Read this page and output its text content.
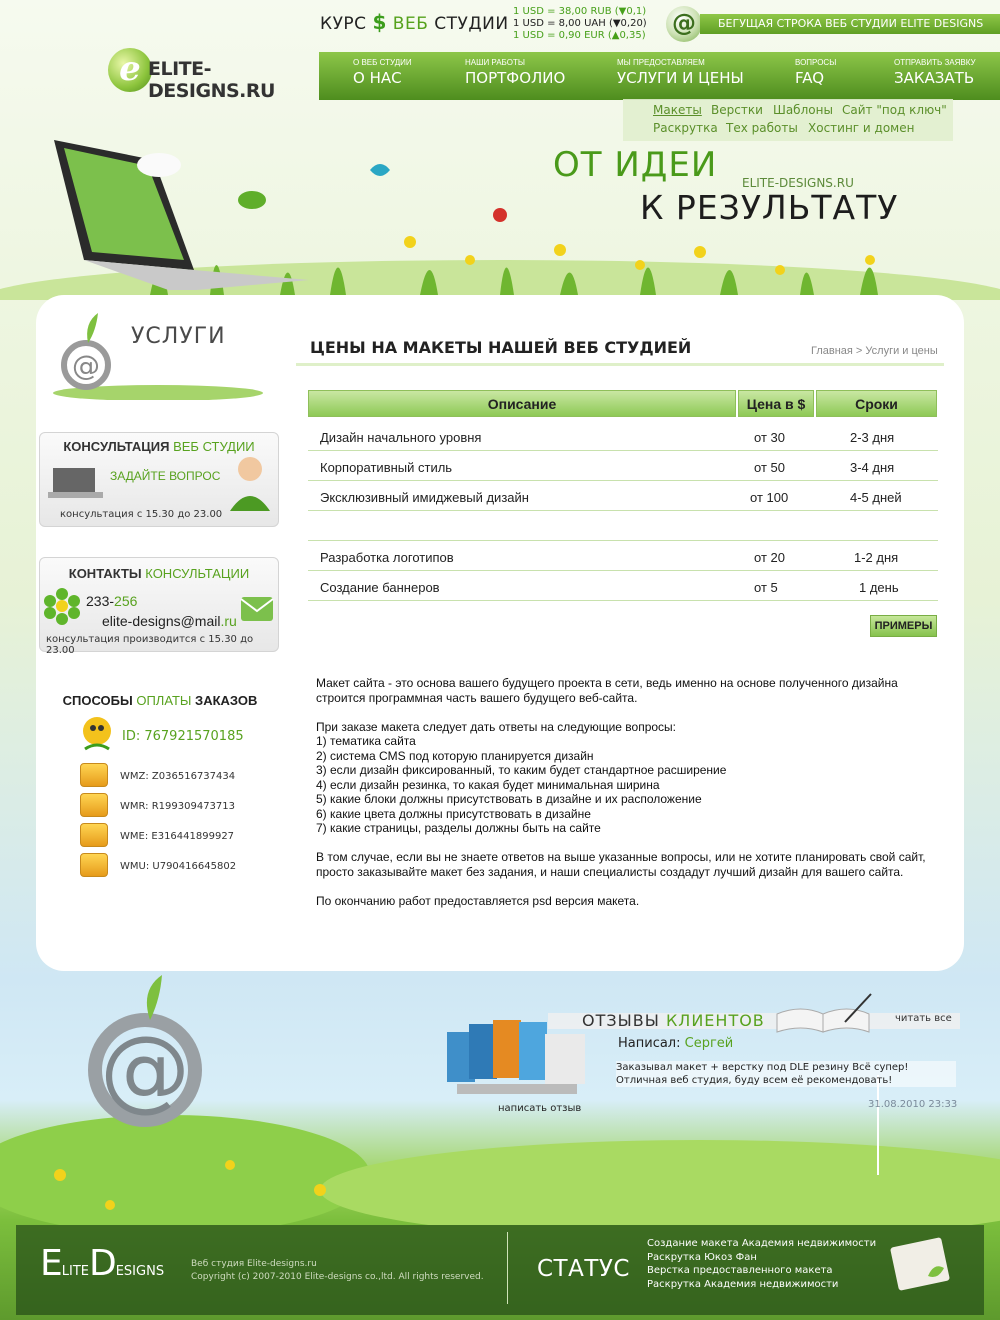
e ELITE-DESIGNS.RU
КУРС $ ВЕБ СТУДИИ
1 USD = 38,00 RUB (▼0,1)
1 USD = 8,00 UAH (▼0,20)
1 USD = 0,90 EUR (▲0,35) @	БЕГУЩАЯ СТРОКА ВЕБ СТУДИИ ELITE DESIGNS
О ВЕБ СТУДИИ
О НАС
НАШИ РАБОТЫ
ПОРТФОЛИО
МЫ ПРЕДОСТАВЛЯЕМ
УСЛУГИ И ЦЕНЫ
ВОПРОСЫ
FAQ
ОТПРАВИТЬ ЗАЯВКУ
ЗАКАЗАТЬ
Макеты Верстки Шаблоны Сайт "под ключ"
Раскрутка Тех работы Хостинг и домен
ОТ ИДЕИ ELITE-DESIGNS.RU
К РЕЗУЛЬТАТУ
@
УСЛУГИ
КОНСУЛЬТАЦИЯ ВЕБ СТУДИИ
ЗАДАЙТЕ ВОПРОС
консультация с 15.30 до 23.00
КОНТАКТЫ КОНСУЛЬТАЦИИ
233-256
elite-designs@mail.ru
консультация производится с 15.30 до 23.00
СПОСОБЫ ОПЛАТЫ ЗАКАЗОВ
ID: 767921570185
WMZ: Z036516737434
WMR: R199309473713
WME: E316441899927
WMU: U790416645802
ЦЕНЫ НА МАКЕТЫ НАШЕЙ ВЕБ СТУДИЕЙ	Главная > Услуги и цены
Описание	Цена в $	Сроки
Дизайн начального уровня	от 30	2-3 дня
Корпоративный стиль	от 50	3-4 дня
Эксклюзивный имиджевый дизайн	от 100	4-5 дней
Разработка логотипов	от 20	1-2 дня
Создание баннеров	от 5	1 день
ПРИМЕРЫ

Макет сайта - это основа вашего будущего проекта в сети, ведь именно на основе полученного дизайна строится программная часть вашего будущего веб-сайта.

При заказе макета следует дать ответы на следующие вопросы:
1) тематика сайта
2) система CMS под которую планируется дизайн
3) если дизайн фиксированный, то каким будет стандартное расширение
4) если дизайн резинка, то какая будет минимальная ширина
5) какие блоки должны присутствовать в дизайне и их расположение
6) какие цвета должны присутствовать в дизайне
7) какие страницы, разделы должны быть на сайте

В том случае, если вы не знаете ответов на выше указанные вопросы, или не хотите планировать свой сайт, просто заказывайте макет без задания, и наши специалисты создадут лучший дизайн для вашего сайта.

По окончанию работ предоставляется psd версия макета.

@	ОТЗЫВЫ КЛИЕНТОВ	читать все
Написал: Сергей
Заказывал макет + верстку под DLE резину Всё супер!
Отличная веб студия, буду всем её рекомендовать!
31.08.2010 23:33
написать отзыв
ELITEDESIGNS	Веб студия Elite-designs.ru
Copyright (c) 2007-2010 Elite-designs co.,ltd. All rights reserved. СТАТУС
Создание макета Академия недвижимости
Раскрутка Юкоз Фан
Верстка предоставленного макета
Раскрутка Академия недвижимости
